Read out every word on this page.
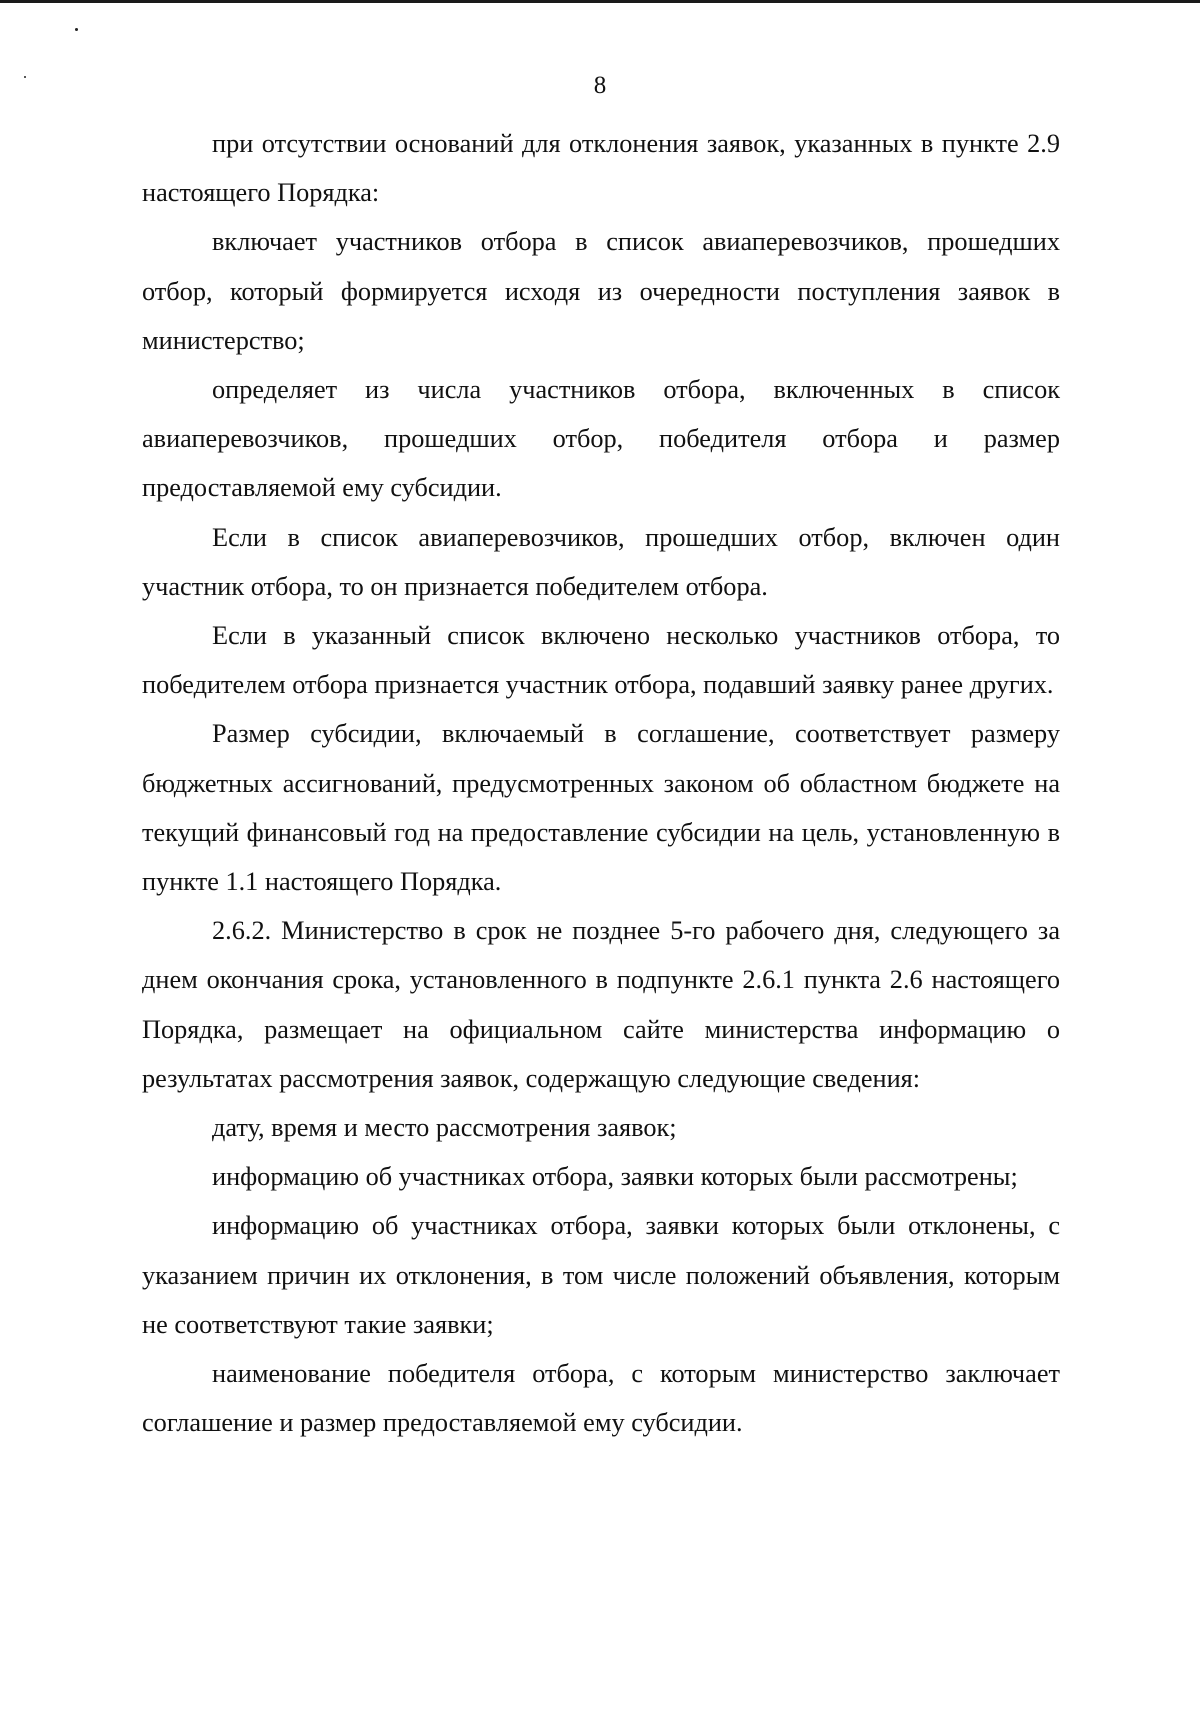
8

при отсутствии оснований для отклонения заявок, указанных в пункте 2.9 настоящего Порядка:

включает участников отбора в список авиаперевозчиков, прошедших отбор, который формируется исходя из очередности поступления заявок в министерство;

определяет из числа участников отбора, включенных в список авиаперевозчиков, прошедших отбор, победителя отбора и размер предоставляемой ему субсидии.

Если в список авиаперевозчиков, прошедших отбор, включен один участник отбора, то он признается победителем отбора.

Если в указанный список включено несколько участников отбора, то победителем отбора признается участник отбора, подавший заявку ранее других.

Размер субсидии, включаемый в соглашение, соответствует размеру бюджетных ассигнований, предусмотренных законом об областном бюджете на текущий финансовый год на предоставление субсидии на цель, установленную в пункте 1.1 настоящего Порядка.

2.6.2. Министерство в срок не позднее 5-го рабочего дня, следующего за днем окончания срока, установленного в подпункте 2.6.1 пункта 2.6 настоящего Порядка, размещает на официальном сайте министерства информацию о результатах рассмотрения заявок, содержащую следующие сведения:

дату, время и место рассмотрения заявок;

информацию об участниках отбора, заявки которых были рассмотрены;

информацию об участниках отбора, заявки которых были отклонены, с указанием причин их отклонения, в том числе положений объявления, которым не соответствуют такие заявки;

наименование победителя отбора, с которым министерство заключает соглашение и размер предоставляемой ему субсидии.
